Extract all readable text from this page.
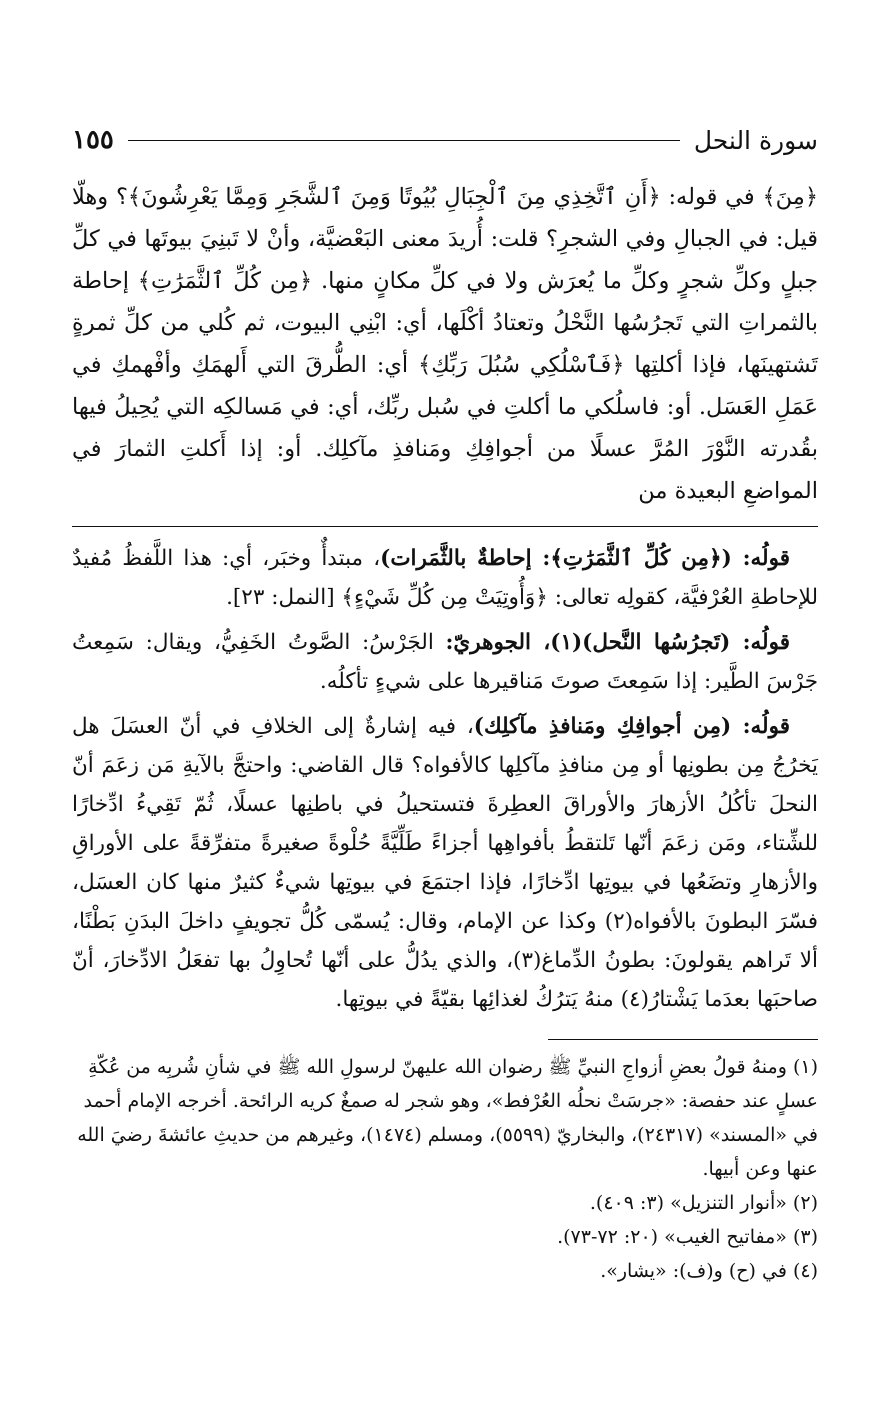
سورة النحل
١٥٥

﴿مِنَ﴾ في قوله: ﴿أَنِ ٱتَّخِذِي مِنَ ٱلْجِبَالِ بُيُوتًا وَمِنَ ٱلشَّجَرِ وَمِمَّا يَعْرِشُونَ﴾؟ وهلّا قيل: في الجبالِ وفي الشجرِ؟ قلت: أُريدَ معنى البَعْضيَّة، وأنْ لا تَبنِيَ بيوتَها في كلِّ جبلٍ وكلِّ شجرٍ وكلِّ ما يُعرَش ولا في كلِّ مكانٍ منها. ﴿مِن كُلِّ ٱلثَّمَرَٰتِ﴾ إحاطة بالثمراتِ التي تَجرُسُها النَّحْلُ وتعتادُ أكْلَها، أي: ابْنِي البيوت، ثم كُلي من كلِّ ثمرةٍ تَشتهينَها، فإذا أكلتِها ﴿فَٱسْلُكِي سُبُلَ رَبِّكِ﴾ أي: الطُّرقَ التي أَلهمَكِ وأفْهمكِ في عَمَلِ العَسَل. أو: فاسلُكي ما أكلتِ في سُبل ربِّك، أي: في مَسالكِه التي يُحِيلُ فيها بقُدرته النَّوْرَ المُرَّ عسلًا من أجوافِكِ ومَنافذِ مآكلِك. أو: إذا أَكلتِ الثمارَ في المواضعِ البعيدة من

قولُه: (﴿مِن كُلِّ ٱلثَّمَرَٰتِ﴾: إحاطةٌ بالثَّمَرات)، مبتدأٌ وخبَر، أي: هذا اللَّفظُ مُفيدٌ للإحاطةِ العُرْفيَّة، كقولِه تعالى: ﴿وَأُوتِيَتْ مِن كُلِّ شَيْءٍ﴾ [النمل: ٢٣].

قولُه: (تَجرُسُها النَّحل)(١)، الجوهريّ: الجَرْسُ: الصَّوتُ الخَفِيُّ، ويقال: سَمِعتُ جَرْسَ الطَّير: إذا سَمِعتَ صوتَ مَناقيرها على شيءٍ تأكلُه.

قولُه: (مِن أجوافِكِ ومَنافذِ مآكلِك)، فيه إشارةٌ إلى الخلافِ في أنّ العسَلَ هل يَخرُجُ مِن بطونِها أو مِن منافذِ مآكلِها كالأفواه؟ قال القاضي: واحتجَّ بالآيةِ مَن زعَمَ أنّ النحلَ تأكُلُ الأزهارَ والأوراقَ العطِرةَ فتستحيلُ في باطنِها عسلًا، ثُمّ تَقِيءُ ادِّخارًا للشِّتاء، ومَن زعَمَ أنّها تَلتقطُ بأفواهِها أجزاءً طَلِّيَّةً حُلْوةً صغيرةً متفرِّقةً على الأوراقِ والأزهارِ وتضَعُها في بيوتِها ادِّخارًا، فإذا اجتمَعَ في بيوتِها شيءٌ كثيرٌ منها كان العسَل، فسّرَ البطونَ بالأفواه(٢) وكذا عن الإمام، وقال: يُسمّى كُلُّ تجويفٍ داخلَ البدَنِ بَطْنًا، ألا تَراهم يقولونَ: بطونُ الدِّماغ(٣)، والذي يدُلُّ على أنّها تُحاوِلُ بها تفعَلُ الادِّخارَ، أنّ صاحبَها بعدَما يَشْتارُ(٤) منهُ يَترُكُ لغذائِها بقيّةً في بيوتِها.

(١) ومنهُ قولُ بعضِ أزواجِ النبيِّ ﷺ رضوان الله عليهنّ لرسولِ الله ﷺ في شأنِ شُربِه من عُكّةِ عسلٍ عند حفصة: «جرسَتْ نحلُه العُرْفط»، وهو شجر له صمغٌ كريه الرائحة. أخرجه الإمام أحمد في «المسند» (٢٤٣١٧)، والبخاريّ (٥٥٩٩)، ومسلم (١٤٧٤)، وغيرهم من حديثِ عائشةَ رضيَ الله عنها وعن أبيها.

(٢) «أنوار التنزيل» (٣: ٤٠٩).

(٣) «مفاتيح الغيب» (٢٠: ٧٢-٧٣).

(٤) في (ح) و(ف): «يشار».
